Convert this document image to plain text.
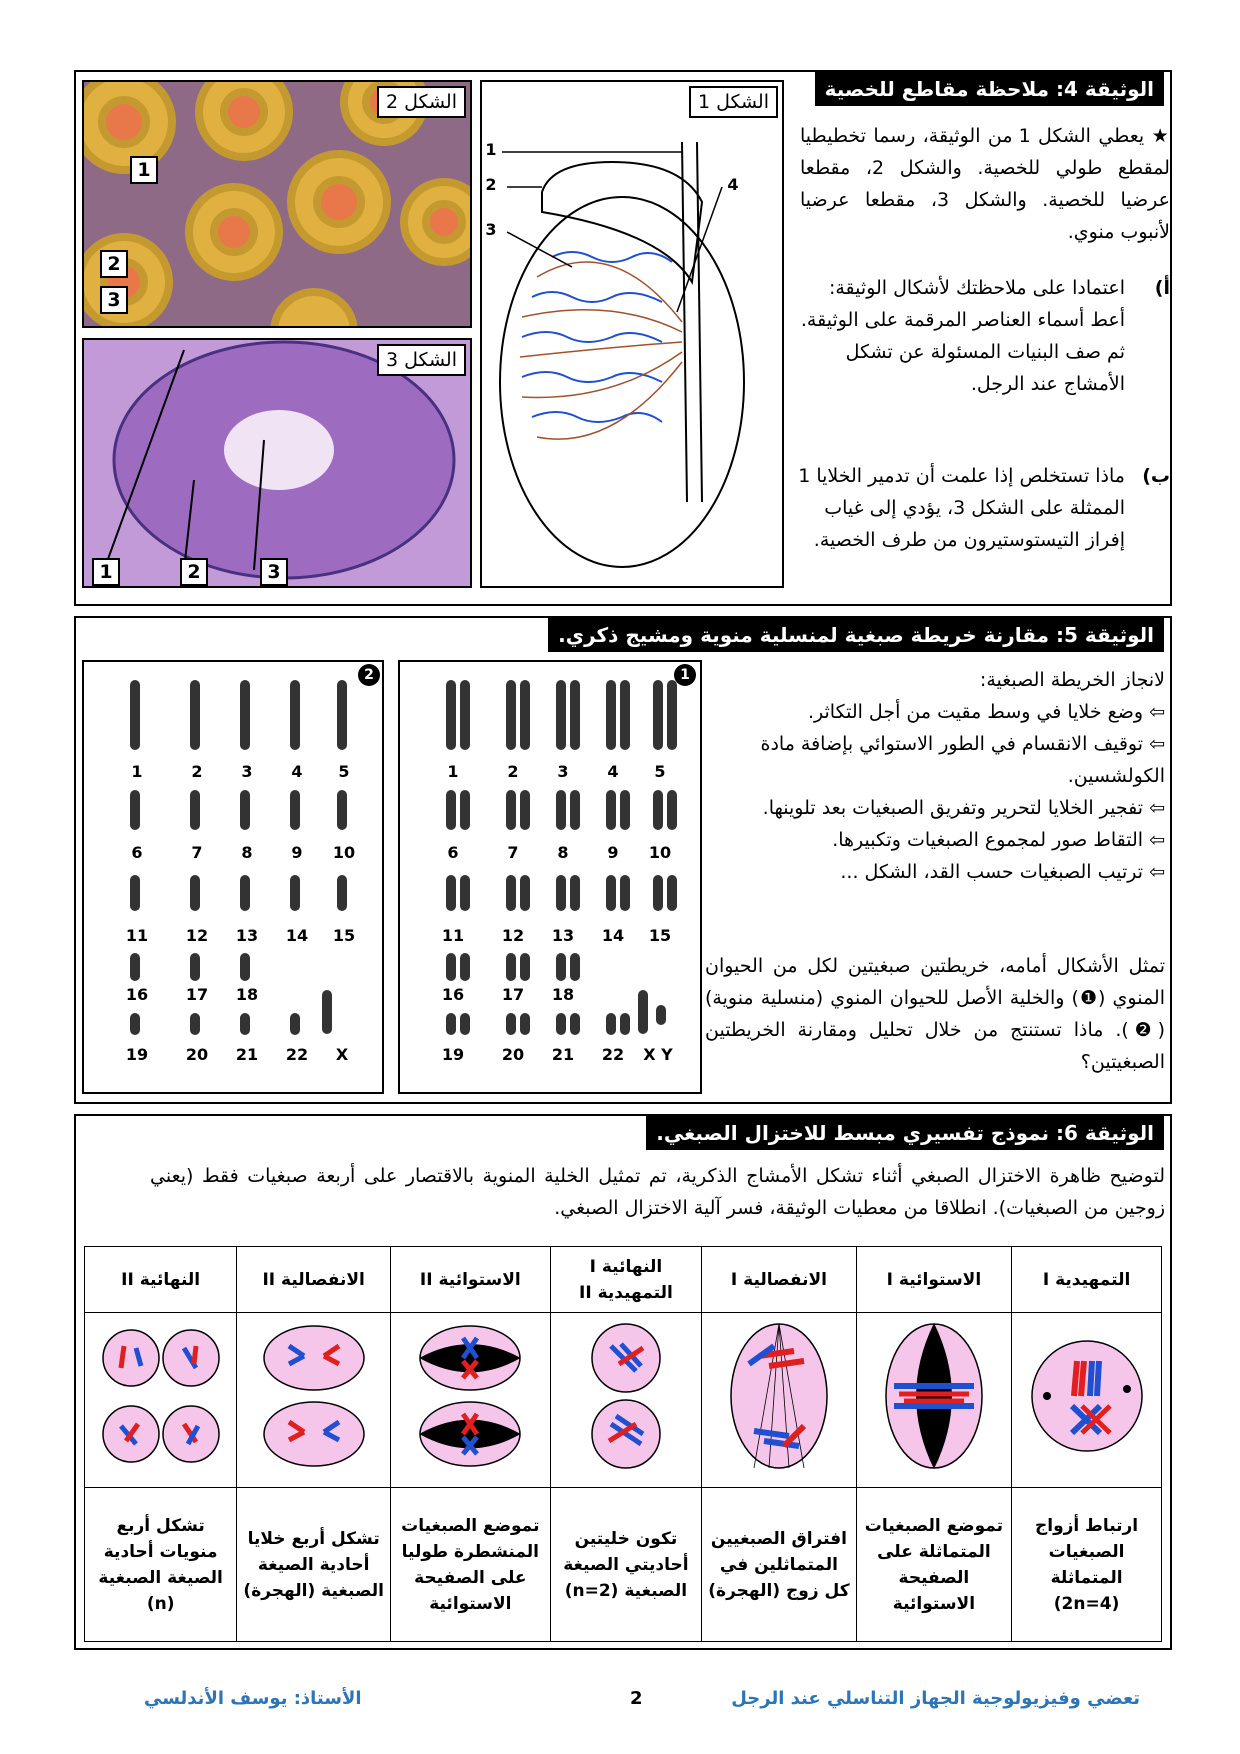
الوثيقة 4: ملاحظة مقاطع للخصية
★ يعطي الشكل 1 من الوثيقة، رسما تخطيطيا لمقطع طولي للخصية. والشكل 2، مقطعا عرضيا للخصية. والشكل 3، مقطعا عرضيا لأنبوب منوي.
أ)
اعتمادا على ملاحظتك لأشكال الوثيقة: أعط أسماء العناصر المرقمة على الوثيقة. ثم صف البنيات المسئولة عن تشكل الأمشاج عند الرجل.
ب)
ماذا تستخلص إذا علمت أن تدمير الخلايا 1 الممثلة على الشكل 3، يؤدي إلى غياب إفراز التيستوستيرون من طرف الخصية.
1
2
3
4
الشكل 1
1
2
3
الشكل 2
1	2	3
الشكل 3
الوثيقة 5: مقارنة خريطة صبغية لمنسلية منوية ومشيج ذكري.
لانجاز الخريطة الصبغية:
⇦ وضع خلايا في وسط مقيت من أجل التكاثر.
⇦ توقيف الانقسام في الطور الاستوائي بإضافة مادة الكولشسين.
⇦ تفجير الخلايا لتحرير وتفريق الصبغيات بعد تلوينها.
⇦ التقاط صور لمجموع الصبغيات وتكبيرها.
⇦ ترتيب الصبغيات حسب القد، الشكل ...
تمثل الأشكال أمامه، خريطتين صبغيتين لكل من الحيوان المنوي (❶) والخلية الأصل للحيوان المنوي (منسلية منوية) (❷). ماذا تستنتج من خلال تحليل ومقارنة الخريطتين الصبغيتين؟
1
1	2	3	4	5
6	7	8	9	10
11 12 13 14 15
16 17 18
19 20 21 22	X Y
2
1	2	3	4	5
6	7	8	9	10
11 12 13 14 15
16 17 18
19 20 21 22	X
الوثيقة 6: نموذج تفسيري مبسط للاختزال الصبغي.
لتوضيح ظاهرة الاختزال الصبغي أثناء تشكل الأمشاج الذكرية، تم تمثيل الخلية المنوية بالاقتصار على أربعة صبغيات فقط (يعني زوجين من الصبغيات). انطلاقا من معطيات الوثيقة، فسر آلية الاختزال الصبغي.
التمهيدية I	الاستوائية I	الانفصالية I	النهائية I التمهيدية II	الاستوائية II	الانفصالية II	النهائية II

ارتباط أزواج الصبغيات المتماثلة (2n=4)	تموضع الصبغيات المتماثلة على الصفيحة الاستوائية	افتراق الصبغيين المتماثلين في كل زوج (الهجرة)	تكون خليتين أحاديتي الصيغة الصبغية (n=2)	تموضع الصبغيات المنشطرة طوليا على الصفيحة الاستوائية	تشكل أربع خلايا أحادية الصيغة الصبغية (الهجرة)	تشكل أربع منويات أحادية الصيغة الصبغية (n)
تعضي وفيزيولوجية الجهاز التناسلي عند الرجل
2
الأستاذ: يوسف الأندلسي
